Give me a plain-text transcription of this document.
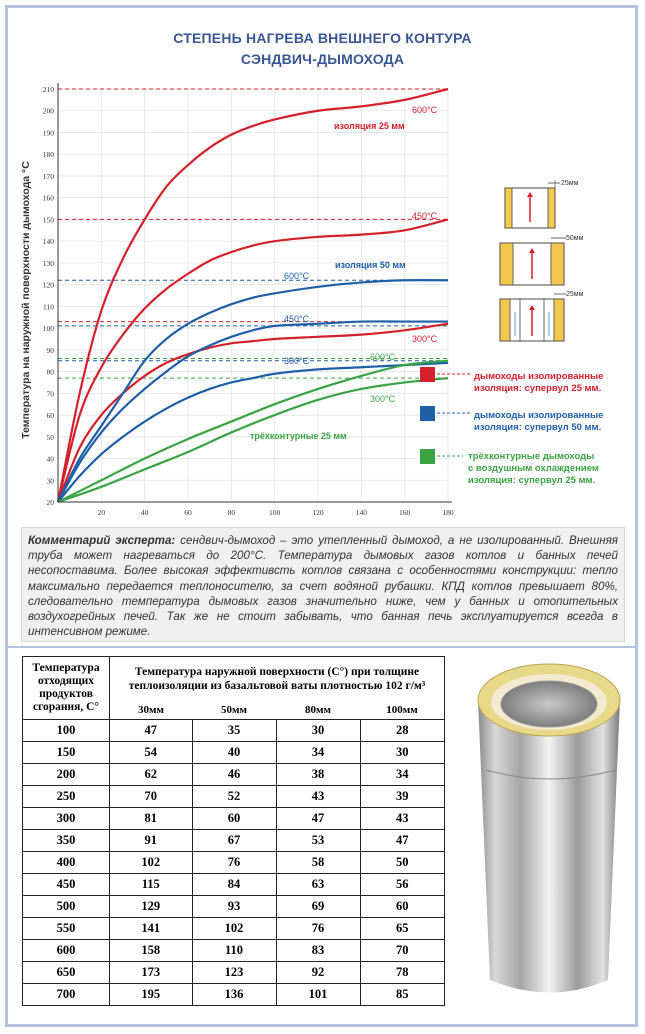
СТЕПЕНЬ НАГРЕВА ВНЕШНЕГО КОНТУРА
СЭНДВИЧ-ДЫМОХОДА
20
30
40
50
60
70
80
90
100
110
120
130
140
150
160
170
180
190
200
210
20	40	60	80	100	120	140	160	180
Температура на наружной поверхности дымохода °С
изоляция 25 мм
600°C
450°C
300°C
изоляция 50 мм
600°C
450°C
300°C	600°C
300°C
трёхконтурные 25 мм
25мм
50мм
25мм
дымоходы изолированные
изоляция: супервул 25 мм.
дымоходы изолированные
изоляция: супервул 50 мм.
трёхконтурные дымоходы
с воздушным охлаждением
изоляция: супервул 25 мм.
Комментарий эксперта: сендвич-дымоход – это утепленный дымоход, а не изолированный. Внешняя труба может нагреваться до 200°С. Температура дымовых газов котлов и банных печей несопоставима. Более высокая эффективсть котлов связана с особенностями конструкции: тепло максимально передается теплоносителю, за счет водяной рубашки. КПД котлов превышает 80%, следовательно температура дымовых газов значительно ниже, чем у банных и отопительных воздухогрейных печей. Так же не стоит забывать, что банная печь эксплуатируется всегда в интенсивном режиме.
Температура отходящих продуктов сгорания, С°	Температура наружной поверхности (С°) при толщине теплоизоляции из базальтовой ваты плотностью 102 г/м³			
	30мм	50мм	80мм	100мм
100	47	35	30	28
150	54	40	34	30
200	62	46	38	34
250	70	52	43	39
300	81	60	47	43
350	91	67	53	47
400	102	76	58	50
450	115	84	63	56
500	129	93	69	60
550	141	102	76	65
600	158	110	83	70
650	173	123	92	78
700	195	136	101	85
